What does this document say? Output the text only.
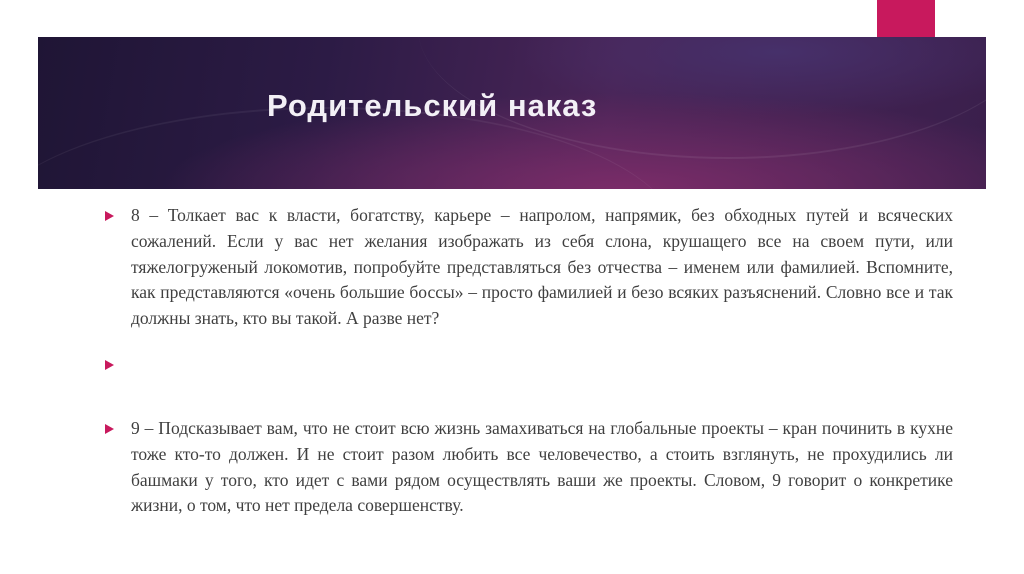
Родительский наказ
8 – Толкает вас к власти, богатству, карьере – напролом, напрямик, без обходных путей и всяческих сожалений. Если у вас нет желания изображать из себя слона, крушащего все на своем пути, или тяжелогруженый локомотив, попробуйте представляться без отчества – именем или фамилией. Вспомните, как представляются «очень большие боссы» – просто фамилией и безо всяких разъяснений. Словно все и так должны знать, кто вы такой. А разве нет?
9 – Подсказывает вам, что не стоит всю жизнь замахиваться на глобальные проекты – кран починить в кухне тоже кто-то должен. И не стоит разом любить все человечество, а стоить взглянуть, не прохудились ли башмаки у того, кто идет с вами рядом осуществлять ваши же проекты. Словом, 9 говорит о конкретике жизни, о том, что нет предела совершенству.
